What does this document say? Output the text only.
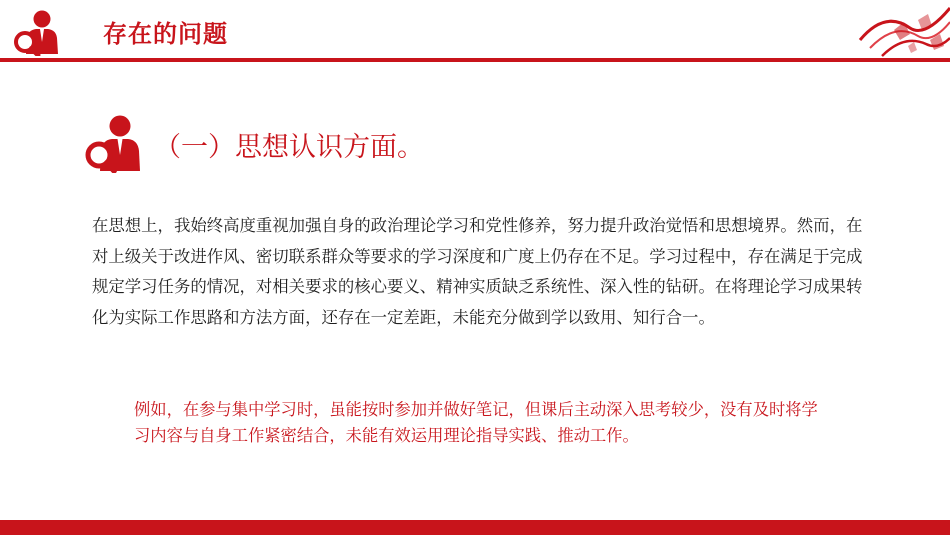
存在的问题
（一）思想认识方面。

在思想上，我始终高度重视加强自身的政治理论学习和党性修养，努力提升政治觉悟和思想境界。然而，在对上级关于改进作风、密切联系群众等要求的学习深度和广度上仍存在不足。学习过程中，存在满足于完成规定学习任务的情况，对相关要求的核心要义、精神实质缺乏系统性、深入性的钻研。在将理论学习成果转化为实际工作思路和方法方面，还存在一定差距，未能充分做到学以致用、知行合一。

例如，在参与集中学习时，虽能按时参加并做好笔记，但课后主动深入思考较少，没有及时将学习内容与自身工作紧密结合，未能有效运用理论指导实践、推动工作。
